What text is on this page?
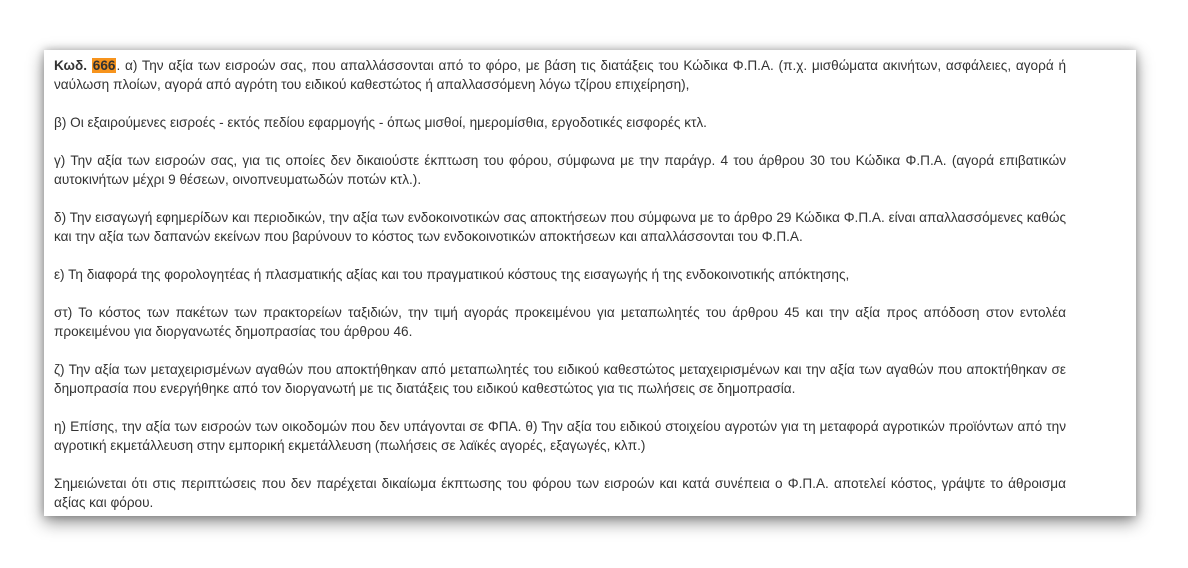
Κωδ. 666. α) Την αξία των εισροών σας, που απαλλάσσονται από το φόρο, με βάση τις διατάξεις του Κώδικα Φ.Π.Α. (π.χ. μισθώματα ακινήτων, ασφάλειες, αγορά ή ναύλωση πλοίων, αγορά από αγρότη του ειδικού καθεστώτος ή απαλλασσόμενη λόγω τζίρου επιχείρηση),

β) Οι εξαιρούμενες εισροές - εκτός πεδίου εφαρμογής - όπως μισθοί, ημερομίσθια, εργοδοτικές εισφορές κτλ.

γ) Την αξία των εισροών σας, για τις οποίες δεν δικαιούστε έκπτωση του φόρου, σύμφωνα με την παράγρ. 4 του άρθρου 30 του Κώδικα Φ.Π.Α. (αγορά επιβατικών αυτοκινήτων μέχρι 9 θέσεων, οινοπνευματωδών ποτών κτλ.).

δ) Την εισαγωγή εφημερίδων και περιοδικών, την αξία των ενδοκοινοτικών σας αποκτήσεων που σύμφωνα με το άρθρο 29 Κώδικα Φ.Π.Α. είναι απαλλασσόμενες καθώς και την αξία των δαπανών εκείνων που βαρύνουν το κόστος των ενδοκοινοτικών αποκτήσεων και απαλλάσσονται του Φ.Π.Α.

ε) Τη διαφορά της φορολογητέας ή πλασματικής αξίας και του πραγματικού κόστους της εισαγωγής ή της ενδοκοινοτικής απόκτησης,

στ) Το κόστος των πακέτων των πρακτορείων ταξιδιών, την τιμή αγοράς προκειμένου για μεταπωλητές του άρθρου 45 και την αξία προς απόδοση στον εντολέα προκειμένου για διοργανωτές δημοπρασίας του άρθρου 46.

ζ) Την αξία των μεταχειρισμένων αγαθών που αποκτήθηκαν από μεταπωλητές του ειδικού καθεστώτος μεταχειρισμένων και την αξία των αγαθών που αποκτήθηκαν σε δημοπρασία που ενεργήθηκε από τον διοργανωτή με τις διατάξεις του ειδικού καθεστώτος για τις πωλήσεις σε δημοπρασία.

η) Επίσης, την αξία των εισροών των οικοδομών που δεν υπάγονται σε ΦΠΑ. θ) Την αξία του ειδικού στοιχείου αγροτών για τη μεταφορά αγροτικών προϊόντων από την αγροτική εκμετάλλευση στην εμπορική εκμετάλλευση (πωλήσεις σε λαϊκές αγορές, εξαγωγές, κλπ.)

Σημειώνεται ότι στις περιπτώσεις που δεν παρέχεται δικαίωμα έκπτωσης του φόρου των εισροών και κατά συνέπεια ο Φ.Π.Α. αποτελεί κόστος, γράψτε το άθροισμα αξίας και φόρου.
